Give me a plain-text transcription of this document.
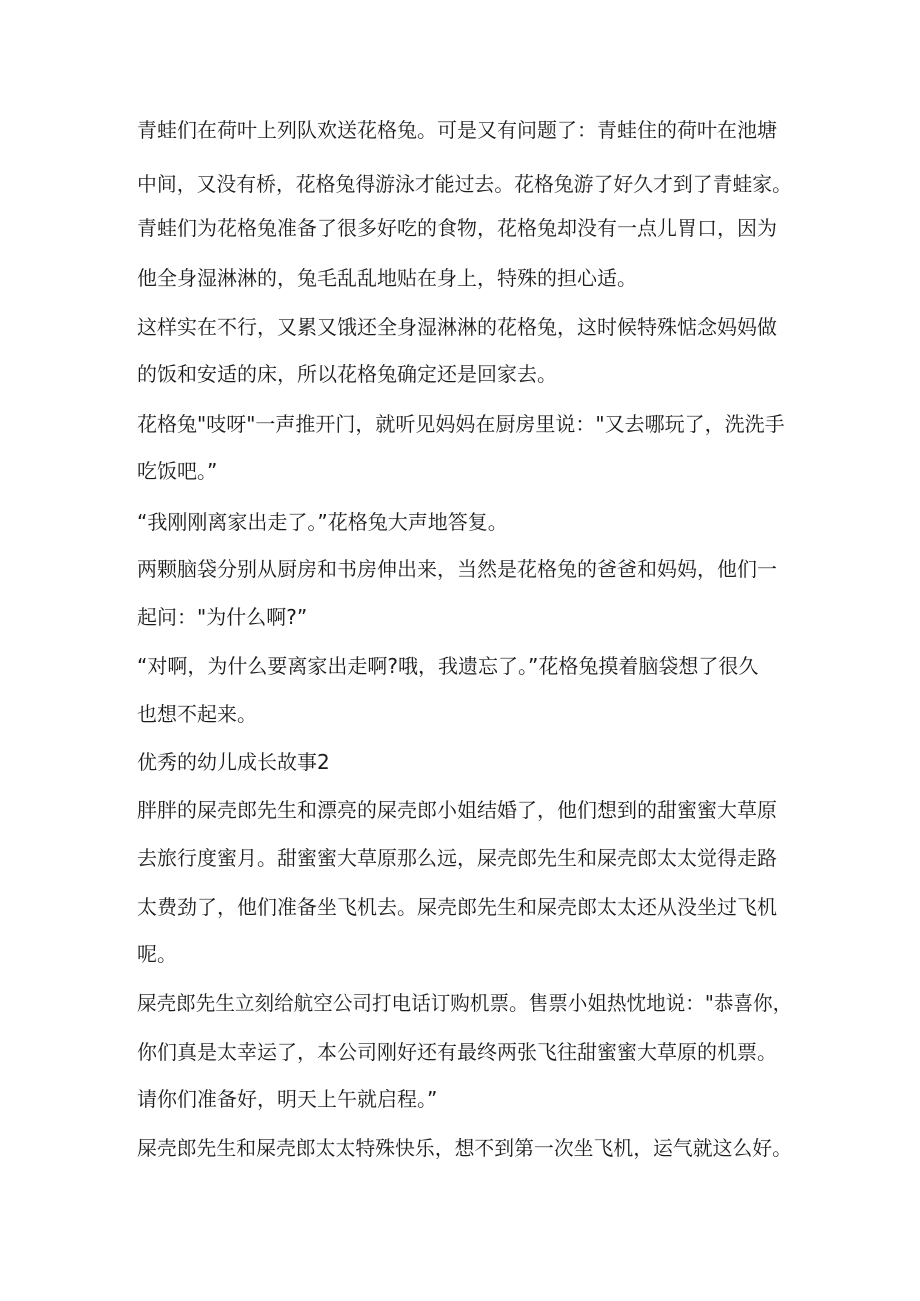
青蛙们在荷叶上列队欢送花格兔。可是又有问题了：青蛙住的荷叶在池塘
中间，又没有桥，花格兔得游泳才能过去。花格兔游了好久才到了青蛙家。
青蛙们为花格兔准备了很多好吃的食物，花格兔却没有一点儿胃口，因为
他全身湿淋淋的，兔毛乱乱地贴在身上，特殊的担心适。
这样实在不行，又累又饿还全身湿淋淋的花格兔，这时候特殊惦念妈妈做
的饭和安适的床，所以花格兔确定还是回家去。
花格兔"吱呀"一声推开门，就听见妈妈在厨房里说："又去哪玩了，洗洗手
吃饭吧。”
“我刚刚离家出走了。”花格兔大声地答复。
两颗脑袋分别从厨房和书房伸出来，当然是花格兔的爸爸和妈妈，他们一
起问："为什么啊?”
“对啊，为什么要离家出走啊?哦，我遗忘了。”花格兔摸着脑袋想了很久
也想不起来。
优秀的幼儿成长故事2
胖胖的屎壳郎先生和漂亮的屎壳郎小姐结婚了，他们想到的甜蜜蜜大草原
去旅行度蜜月。甜蜜蜜大草原那么远，屎壳郎先生和屎壳郎太太觉得走路
太费劲了，他们准备坐飞机去。屎壳郎先生和屎壳郎太太还从没坐过飞机
呢。
屎壳郎先生立刻给航空公司打电话订购机票。售票小姐热忱地说："恭喜你，
你们真是太幸运了，本公司刚好还有最终两张飞往甜蜜蜜大草原的机票。
请你们准备好，明天上午就启程。”
屎壳郎先生和屎壳郎太太特殊快乐，想不到第一次坐飞机，运气就这么好。
